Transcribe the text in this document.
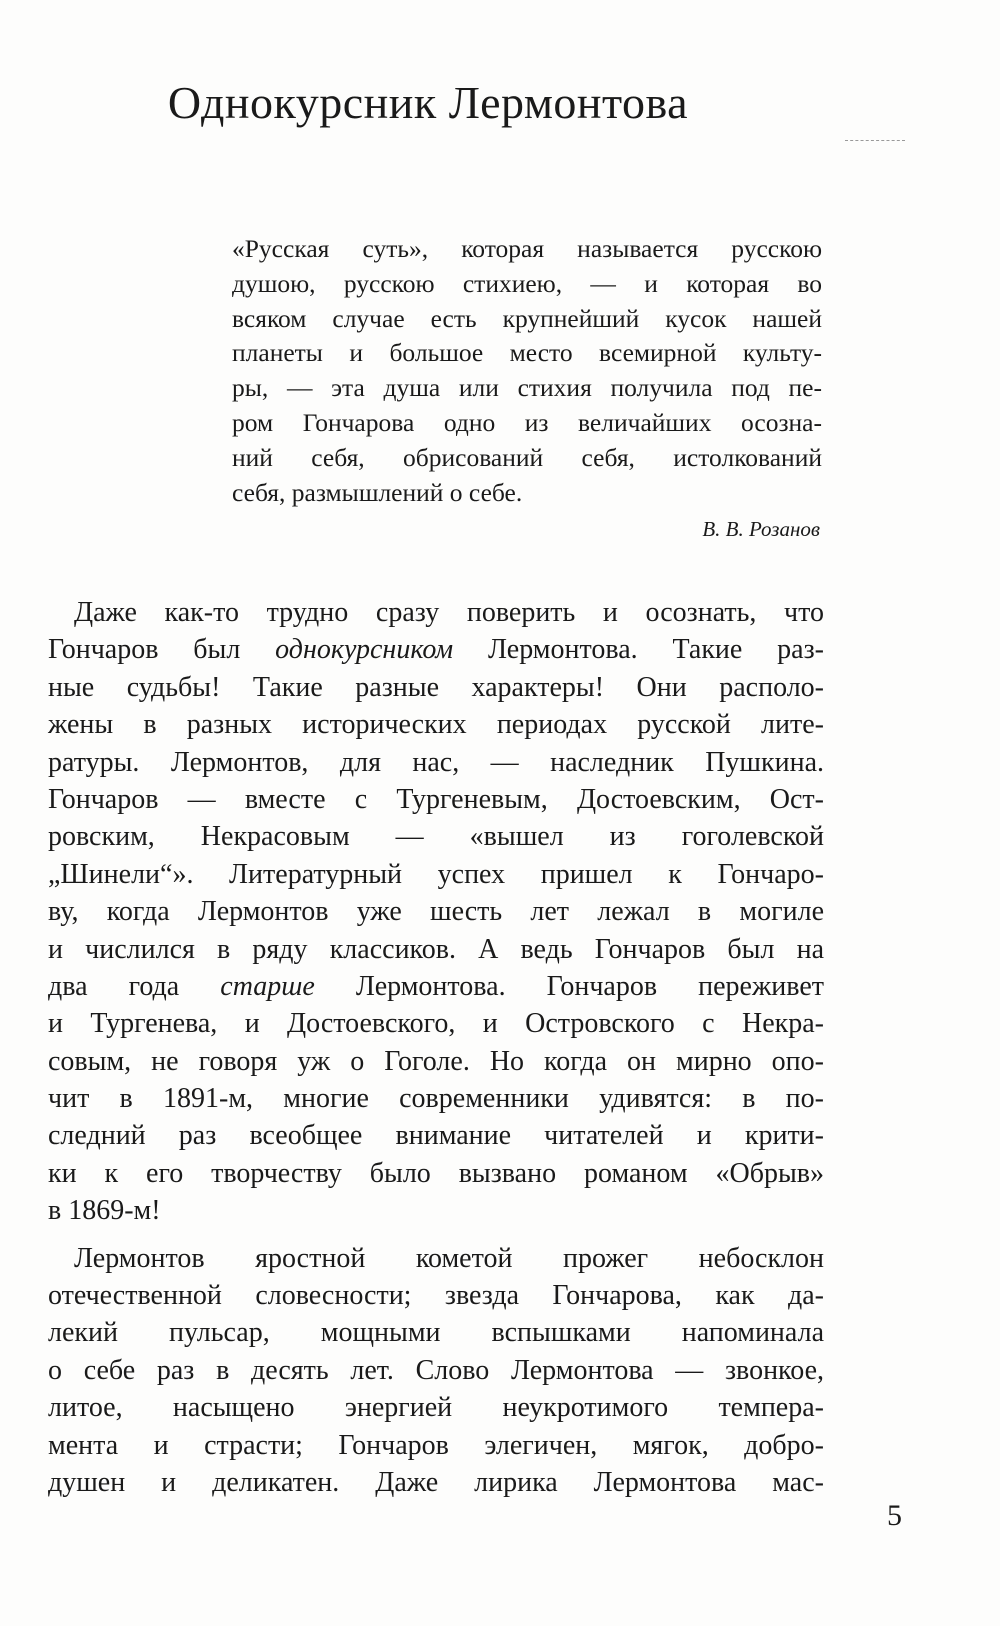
Однокурсник Лермонтова
«Русская суть», которая называется русскою
душою, русскою стихиею, — и которая во
всяком случае есть крупнейший кусок нашей
планеты и большое место всемирной культу-
ры, — эта душа или стихия получила под пе-
ром Гончарова одно из величайших осозна-
ний себя, обрисований себя, истолкований
себя, размышлений о себе.
В. В. Розанов
Даже как-то трудно сразу поверить и осознать, что
Гончаров был однокурсником Лермонтова. Такие раз-
ные судьбы! Такие разные характеры! Они располо-
жены в разных исторических периодах русской лите-
ратуры. Лермонтов, для нас, — наследник Пушкина.
Гончаров — вместе с Тургеневым, Достоевским, Ост-
ровским, Некрасовым — «вышел из гоголевской
„Шинели“». Литературный успех пришел к Гончаро-
ву, когда Лермонтов уже шесть лет лежал в могиле
и числился в ряду классиков. А ведь Гончаров был на
два года старше Лермонтова. Гончаров переживет
и Тургенева, и Достоевского, и Островского с Некра-
совым, не говоря уж о Гоголе. Но когда он мирно опо-
чит в 1891-м, многие современники удивятся: в по-
следний раз всеобщее внимание читателей и крити-
ки к его творчеству было вызвано романом «Обрыв»
в 1869-м!
Лермонтов яростной кометой прожег небосклон
отечественной словесности; звезда Гончарова, как да-
лекий пульсар, мощными вспышками напоминала
о себе раз в десять лет. Слово Лермонтова — звонкое,
литое, насыщено энергией неукротимого темпера-
мента и страсти; Гончаров элегичен, мягок, добро-
душен и деликатен. Даже лирика Лермонтова мас-
5
